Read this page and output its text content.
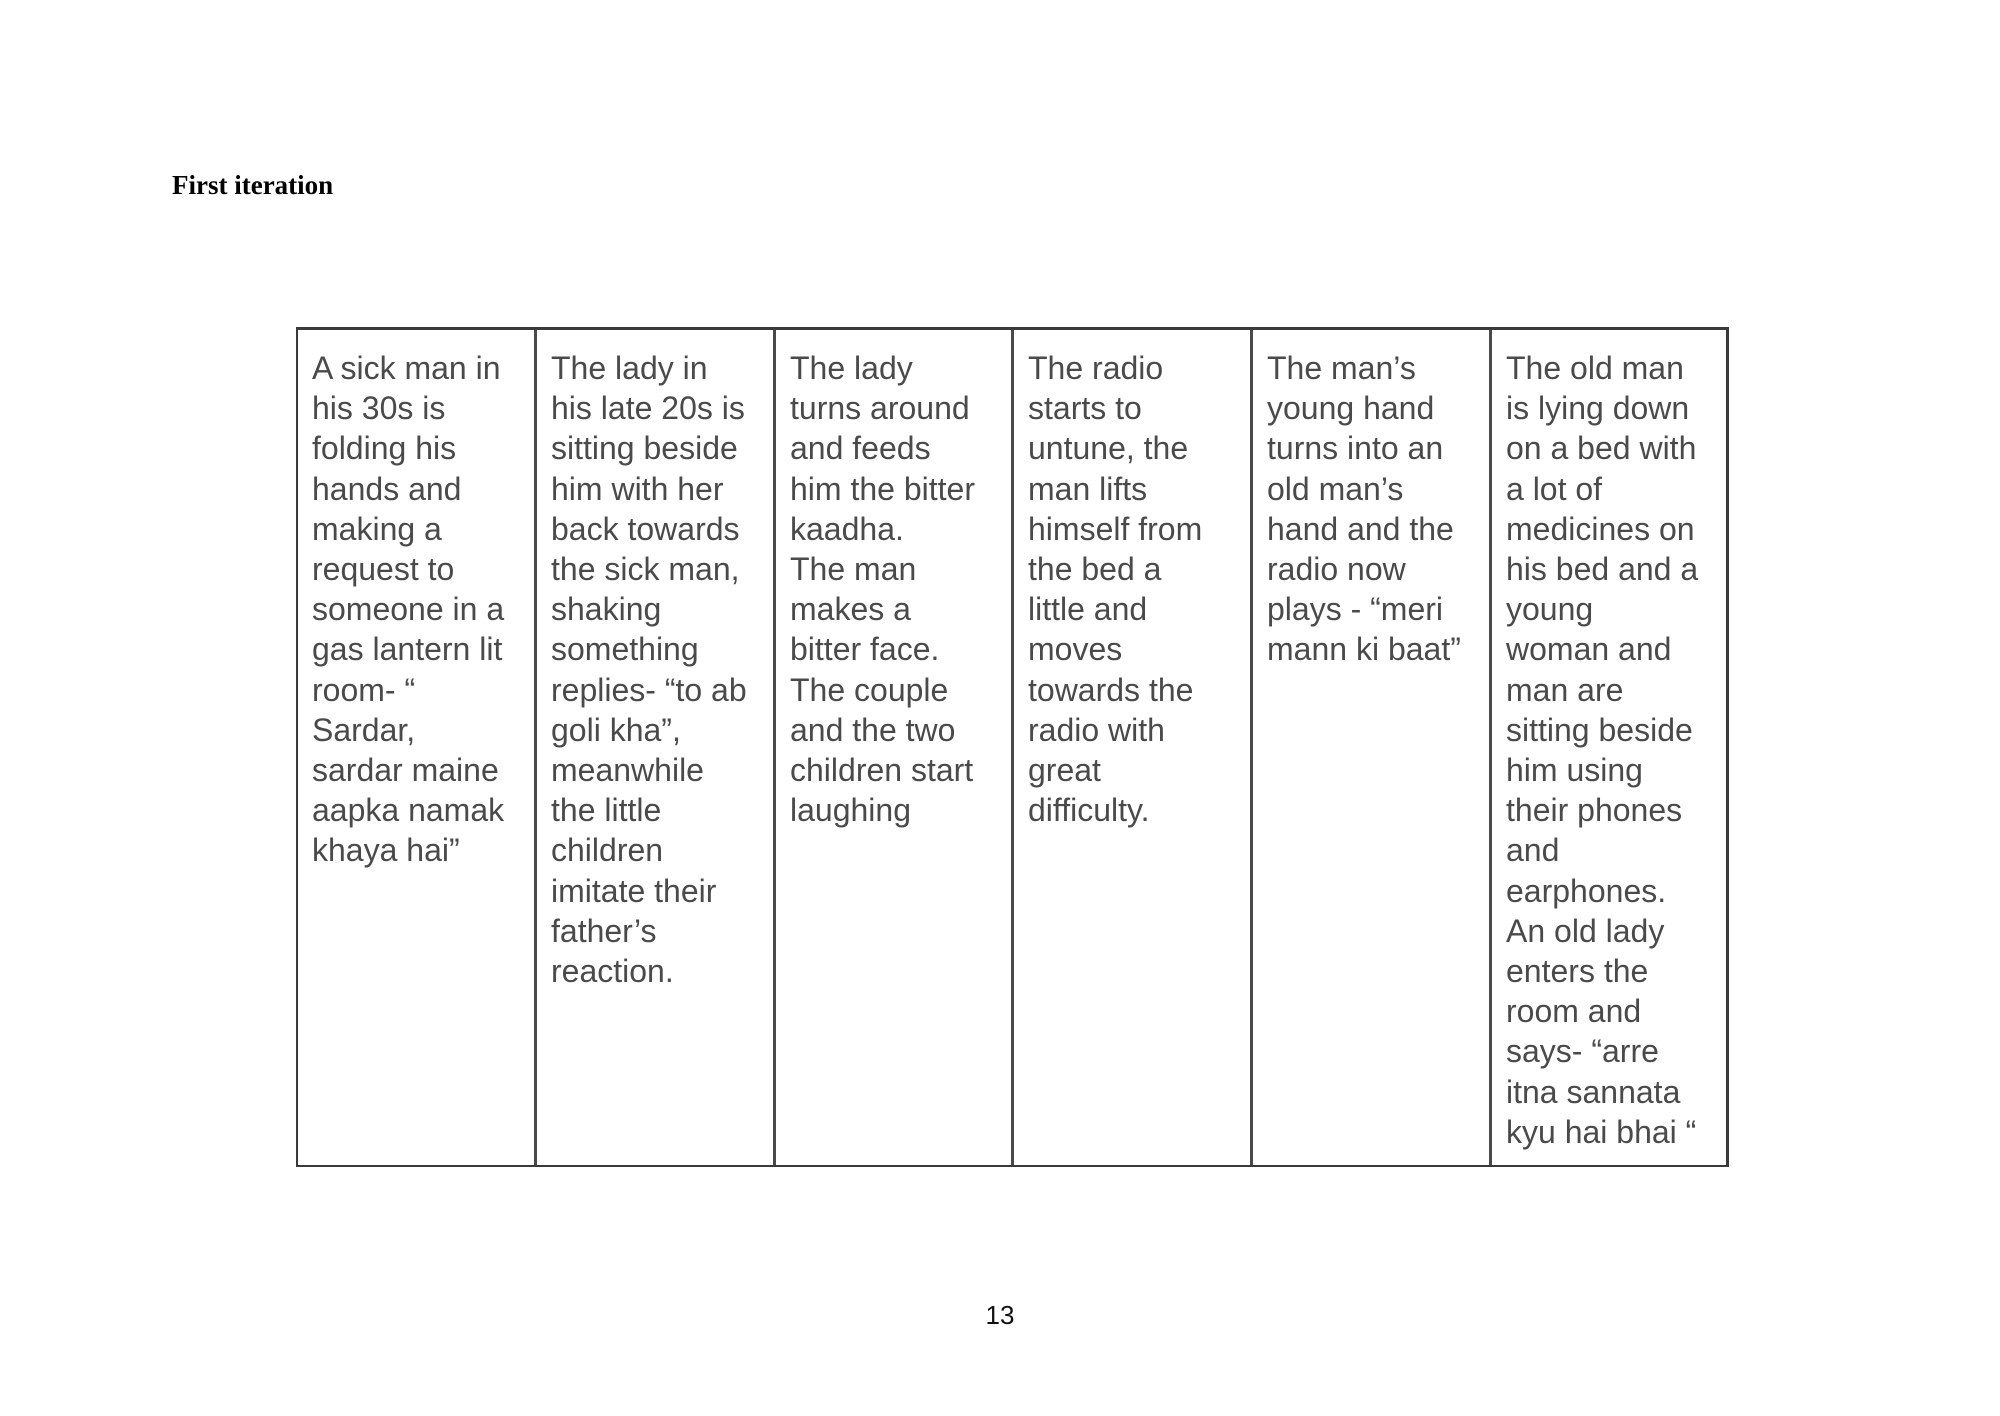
First iteration
A sick man in
his 30s is
folding his
hands and
making a
request to
someone in a
gas lantern lit
room- “
Sardar,
sardar maine
aapka namak
khaya hai”
The lady in
his late 20s is
sitting beside
him with her
back towards
the sick man,
shaking
something
replies- “to ab
goli kha”,
meanwhile
the little
children
imitate their
father’s
reaction.
The lady
turns around
and feeds
him the bitter
kaadha.
The man
makes a
bitter face.
The couple
and the two
children start
laughing
The radio
starts to
untune, the
man lifts
himself from
the bed a
little and
moves
towards the
radio with
great
difficulty.
The man’s
young hand
turns into an
old man’s
hand and the
radio now
plays - “meri
mann ki baat”
The old man
is lying down
on a bed with
a lot of
medicines on
his bed and a
young
woman and
man are
sitting beside
him using
their phones
and
earphones.
An old lady
enters the
room and
says- “arre
itna sannata
kyu hai bhai “
13
